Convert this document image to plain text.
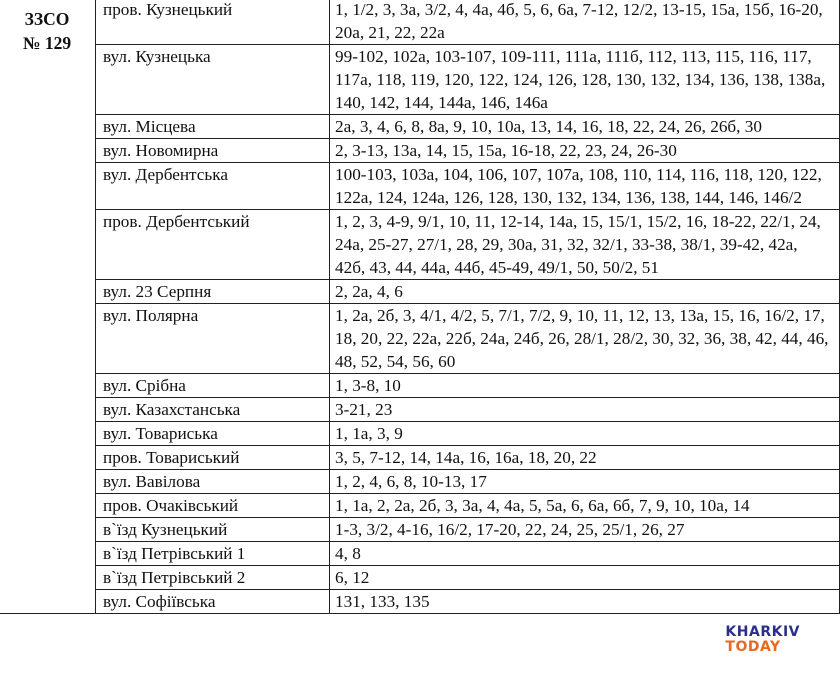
ЗЗСО
№ 129	пров. Кузнецький	1, 1/2, 3, 3а, 3/2, 4, 4а, 4б, 5, 6, 6а, 7-12, 12/2, 13-15, 15а, 15б, 16-20, 20а, 21, 22, 22а
	вул. Кузнецька	99-102, 102а, 103-107, 109-111, 111а, 111б, 112, 113, 115, 116, 117, 117а, 118, 119, 120, 122, 124, 126, 128, 130, 132, 134, 136, 138, 138а, 140, 142, 144, 144а, 146, 146а
	вул. Місцева	2а, 3, 4, 6, 8, 8а, 9, 10, 10а, 13, 14, 16, 18, 22, 24, 26, 26б, 30
	вул. Новомирна	2, 3-13, 13а, 14, 15, 15а, 16-18, 22, 23, 24, 26-30
	вул. Дербентська	100-103, 103а, 104, 106, 107, 107а, 108, 110, 114, 116, 118, 120, 122, 122а, 124, 124а, 126, 128, 130, 132, 134, 136, 138, 144, 146, 146/2
	пров. Дербентський	1, 2, 3, 4-9, 9/1, 10, 11, 12-14, 14а, 15, 15/1, 15/2, 16, 18-22, 22/1, 24, 24а, 25-27, 27/1, 28, 29, 30а, 31, 32, 32/1, 33-38, 38/1, 39-42, 42а, 42б, 43, 44, 44а, 44б, 45-49, 49/1, 50, 50/2, 51
	вул. 23 Серпня	2, 2а, 4, 6
	вул. Полярна	1, 2а, 2б, 3, 4/1, 4/2, 5, 7/1, 7/2, 9, 10, 11, 12, 13, 13а, 15, 16, 16/2, 17, 18, 20, 22, 22а, 22б, 24а, 24б, 26, 28/1, 28/2, 30, 32, 36, 38, 42, 44, 46, 48, 52, 54, 56, 60
	вул. Срібна	1, 3-8, 10
	вул. Казахстанська	3-21, 23
	вул. Товариська	1, 1а, 3, 9
	пров. Товариський	3, 5, 7-12, 14, 14а, 16, 16а, 18, 20, 22
	вул. Вавілова	1, 2, 4, 6, 8, 10-13, 17
	пров. Очаківський	1, 1а, 2, 2а, 2б, 3, 3а, 4, 4а, 5, 5а, 6, 6а, 6б, 7, 9, 10, 10а, 14
	в`їзд Кузнецький	1-3, 3/2, 4-16, 16/2, 17-20, 22, 24, 25, 25/1, 26, 27
	в`їзд Петрівський 1	4, 8
	в`їзд Петрівський 2	6, 12
	вул. Софіївська	131, 133, 135
KHARKIV
TODAY
